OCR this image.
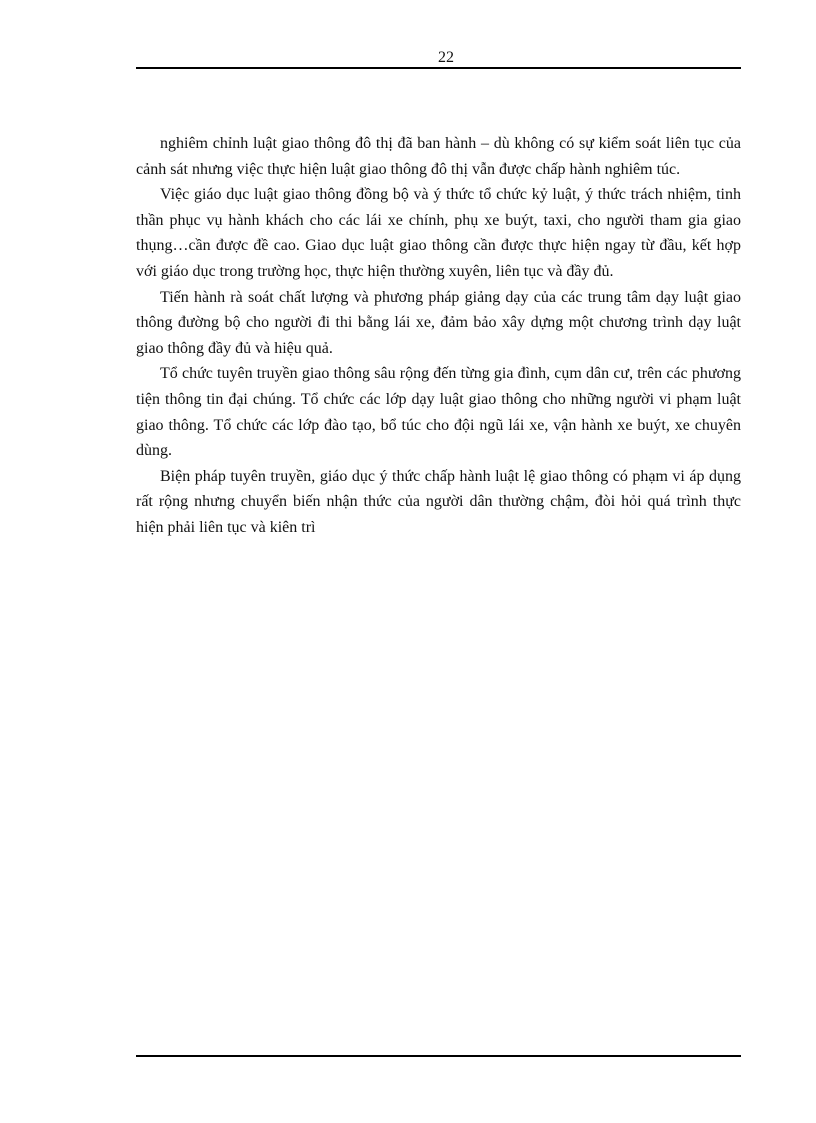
22

nghiêm chỉnh luật giao thông đô thị đã ban hành – dù không có sự kiểm soát liên tục của cảnh sát nhưng việc thực hiện luật giao thông đô thị vẫn được chấp hành nghiêm túc.

Việc giáo dục luật giao thông đồng bộ và ý thức tổ chức kỷ luật, ý thức trách nhiệm, tinh thần phục vụ hành khách cho các lái xe chính, phụ xe buýt, taxi, cho người tham gia giao thụng…cần được đề cao. Giao dục luật giao thông cần được thực hiện ngay từ đầu, kết hợp với giáo dục trong trường học, thực hiện thường xuyên, liên tục và đầy đủ.

Tiến hành rà soát chất lượng và phương pháp giảng dạy của các trung tâm dạy luật giao thông đường bộ cho người đi thi bằng lái xe, đảm bảo xây dựng một chương trình dạy luật giao thông đầy đủ và hiệu quả.

Tổ chức tuyên truyền giao thông sâu rộng đến từng gia đình, cụm dân cư, trên các phương tiện thông tin đại chúng. Tổ chức các lớp dạy luật giao thông cho những người vi phạm luật giao thông. Tổ chức các lớp đào tạo, bổ túc cho đội ngũ lái xe, vận hành xe buýt, xe chuyên dùng.

Biện pháp tuyên truyền, giáo dục ý thức chấp hành luật lệ giao thông có phạm vi áp dụng rất rộng nhưng chuyển biến nhận thức của người dân thường chậm, đòi hỏi quá trình thực hiện phải liên tục và kiên trì
